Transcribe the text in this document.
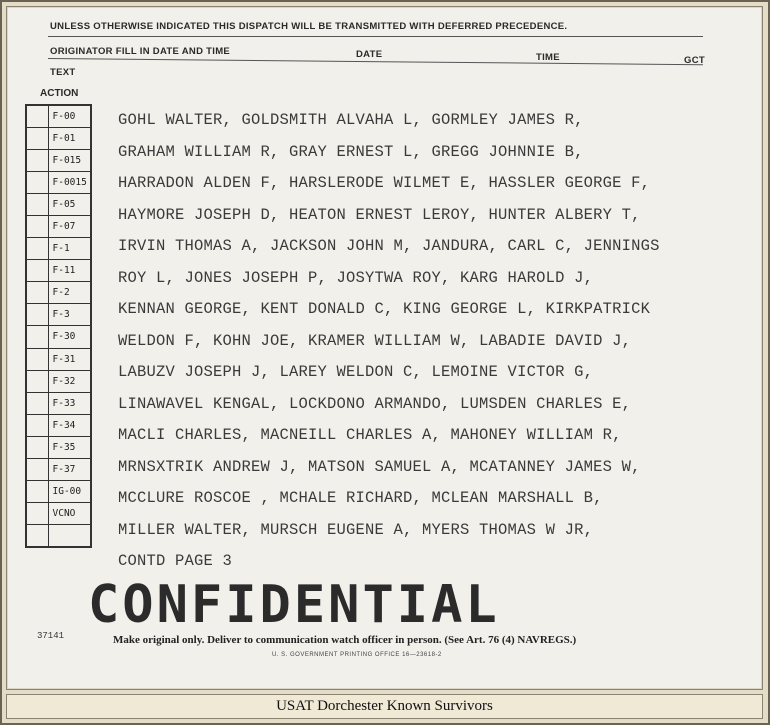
UNLESS OTHERWISE INDICATED THIS DISPATCH WILL BE TRANSMITTED WITH DEFERRED PRECEDENCE.
ORIGINATOR FILL IN DATE AND TIME	DATE	TIME	GCT
TEXT
ACTION
	F-00
	F-01
	F-015
	F-0015
	F-05
	F-07
	F-1
	F-11
	F-2
	F-3
	F-30
	F-31
	F-32
	F-33
	F-34
	F-35
	F-37
	IG-00
	VCNO

GOHL WALTER, GOLDSMITH ALVAHA L, GORMLEY JAMES R,
GRAHAM WILLIAM R, GRAY ERNEST L, GREGG JOHNNIE B,
HARRADON ALDEN F, HARSLERODE WILMET E, HASSLER GEORGE F,
HAYMORE JOSEPH D, HEATON ERNEST LEROY, HUNTER ALBERY T,
IRVIN THOMAS A, JACKSON JOHN M, JANDURA, CARL C, JENNINGS
ROY L, JONES JOSEPH P, JOSYTWA ROY, KARG HAROLD J,
KENNAN GEORGE, KENT DONALD C, KING GEORGE L, KIRKPATRICK
WELDON F, KOHN JOE, KRAMER WILLIAM W, LABADIE DAVID J,
LABUZV JOSEPH J, LAREY WELDON C, LEMOINE VICTOR G,
LINAWAVEL KENGAL, LOCKDONO ARMANDO, LUMSDEN CHARLES E,
MACLI CHARLES, MACNEILL CHARLES A, MAHONEY WILLIAM R,
MRNSXTRIK ANDREW J, MATSON SAMUEL A, MCATANNEY JAMES W,
MCCLURE ROSCOE , MCHALE RICHARD, MCLEAN MARSHALL B,
MILLER WALTER, MURSCH EUGENE A, MYERS THOMAS W JR,
CONTD PAGE 3
CONFIDENTIAL
37141	Make original only. Deliver to communication watch officer in person. (See Art. 76 (4) NAVREGS.)
U. S. GOVERNMENT PRINTING OFFICE 16—23618-2
USAT Dorchester Known Survivors
